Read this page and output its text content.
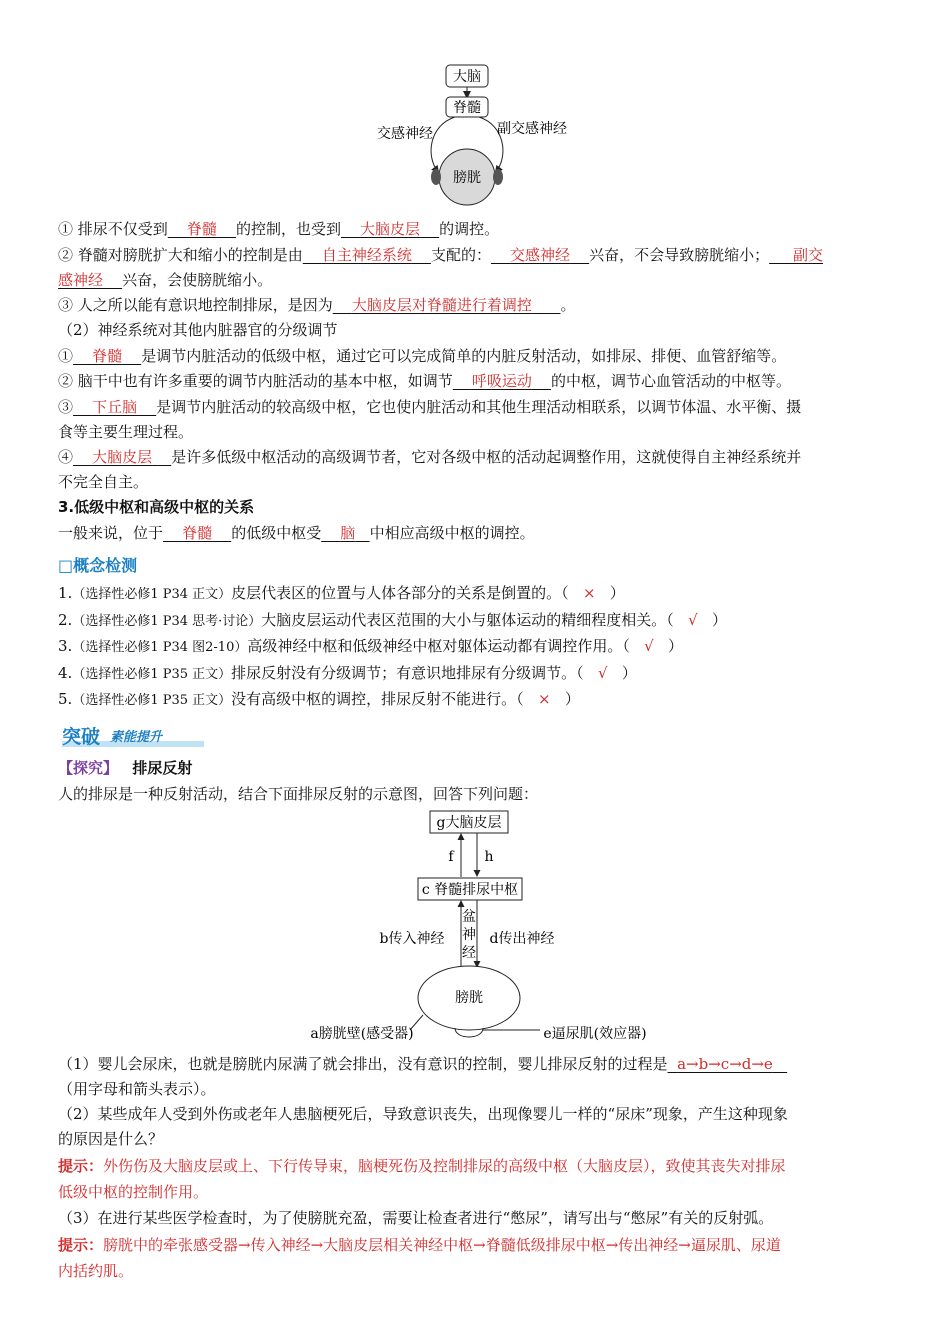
大脑
脊髓
交感神经	副交感神经
膀胱
① 排尿不仅受到 脊髓 的控制，也受到 大脑皮层 的调控。
② 脊髓对膀胱扩大和缩小的控制是由 自主神经系统 支配的： 交感神经 兴奋，不会导致膀胱缩小； 副交
感神经 兴奋，会使膀胱缩小。
③ 人之所以能有意识地控制排尿，是因为 大脑皮层对脊髓进行着调控 。
（2）神经系统对其他内脏器官的分级调节
① 脊髓 是调节内脏活动的低级中枢，通过它可以完成简单的内脏反射活动，如排尿、排便、血管舒缩等。
② 脑干中也有许多重要的调节内脏活动的基本中枢，如调节 呼吸运动 的中枢，调节心血管活动的中枢等。
③ 下丘脑 是调节内脏活动的较高级中枢，它也使内脏活动和其他生理活动相联系，以调节体温、水平衡、摄
食等主要生理过程。
④ 大脑皮层 是许多低级中枢活动的高级调节者，它对各级中枢的活动起调整作用，这就使得自主神经系统并
不完全自主。
3.低级中枢和高级中枢的关系
一般来说，位于 脊髓 的低级中枢受 脑 中相应高级中枢的调控。
□概念检测
1.（选择性必修1 P34 正文）皮层代表区的位置与人体各部分的关系是倒置的。（ × ）
2.（选择性必修1 P34 思考·讨论）大脑皮层运动代表区范围的大小与躯体运动的精细程度相关。（ √ ）
3.（选择性必修1 P34 图2-10）高级神经中枢和低级神经中枢对躯体运动都有调控作用。（ √ ）
4.（选择性必修1 P35 正文）排尿反射没有分级调节；有意识地排尿有分级调节。（ √ ）
5.（选择性必修1 P35 正文）没有高级中枢的调控，排尿反射不能进行。（ × ）
突破 素能提升
【探究】 排尿反射
人的排尿是一种反射活动，结合下面排尿反射的示意图，回答下列问题：
g大脑皮层
f h
c 脊髓排尿中枢
b传入神经
盆
神
经
d传出神经
膀胱
a膀胱壁(感受器)	e逼尿肌(效应器)
（1）婴儿会尿床，也就是膀胱内尿满了就会排出，没有意识的控制，婴儿排尿反射的过程是 a→b→c→d→e
（用字母和箭头表示）。
（2）某些成年人受到外伤或老年人患脑梗死后，导致意识丧失，出现像婴儿一样的“尿床”现象，产生这种现象
的原因是什么？
提示：外伤伤及大脑皮层或上、下行传导束，脑梗死伤及控制排尿的高级中枢（大脑皮层），致使其丧失对排尿
低级中枢的控制作用。
（3）在进行某些医学检查时，为了使膀胱充盈，需要让检查者进行“憋尿”，请写出与“憋尿”有关的反射弧。
提示：膀胱中的牵张感受器→传入神经→大脑皮层相关神经中枢→脊髓低级排尿中枢→传出神经→逼尿肌、尿道
内括约肌。
